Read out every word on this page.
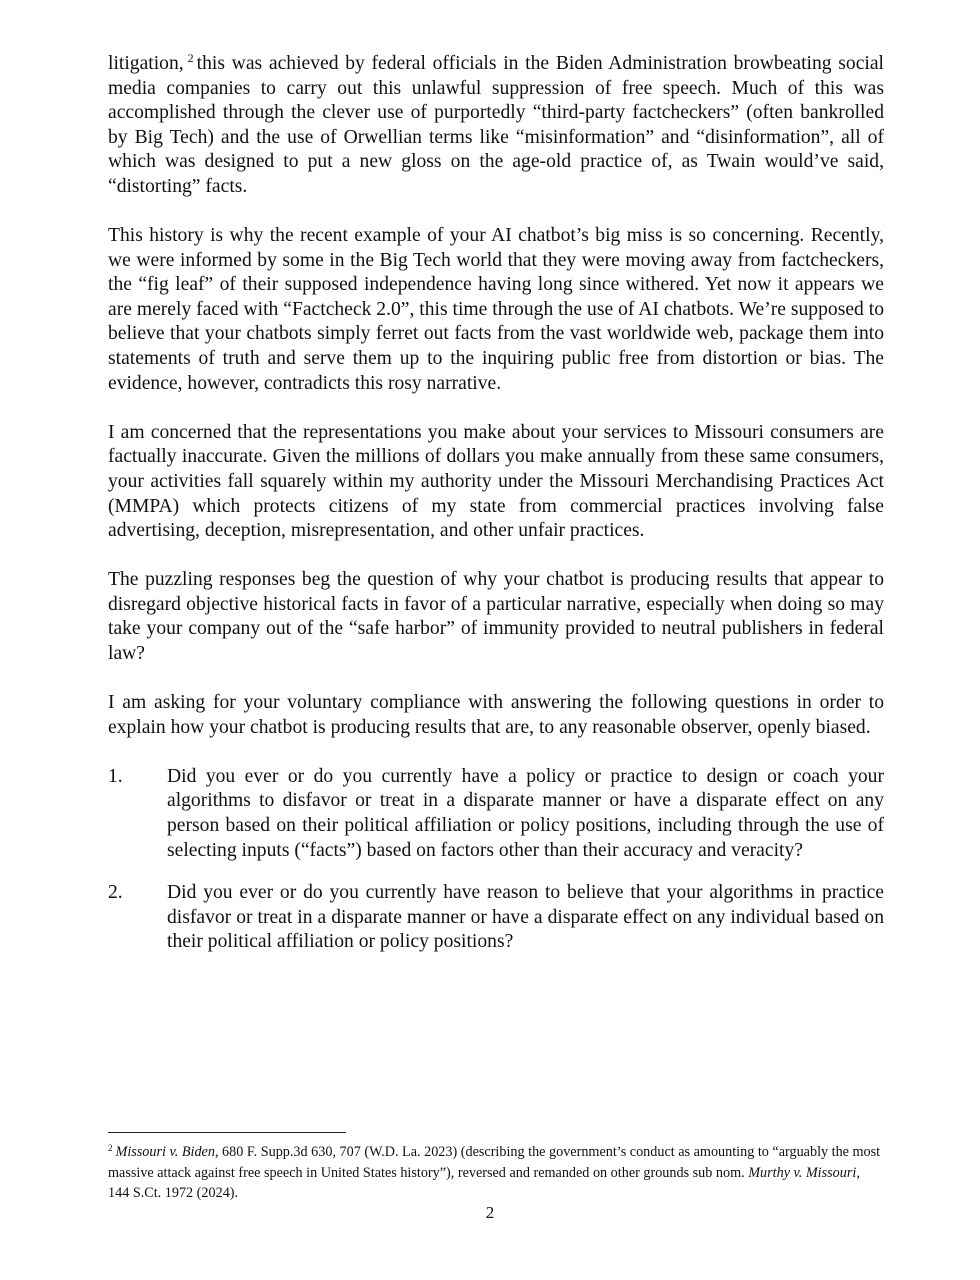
litigation, $^2$ this was achieved by federal officials in the Biden Administration browbeating social media companies to carry out this unlawful suppression of free speech. Much of this was accomplished through the clever use of purportedly “third-party factcheckers” (often bankrolled by Big Tech) and the use of Orwellian terms like “misinformation” and “disinformation”, all of which was designed to put a new gloss on the age-old practice of, as Twain would’ve said, “distorting” facts.

This history is why the recent example of your AI chatbot’s big miss is so concerning. Recently, we were informed by some in the Big Tech world that they were moving away from factcheckers, the “fig leaf” of their supposed independence having long since withered. Yet now it appears we are merely faced with “Factcheck 2.0”, this time through the use of AI chatbots. We’re supposed to believe that your chatbots simply ferret out facts from the vast worldwide web, package them into statements of truth and serve them up to the inquiring public free from distortion or bias. The evidence, however, contradicts this rosy narrative.

I am concerned that the representations you make about your services to Missouri consumers are factually inaccurate. Given the millions of dollars you make annually from these same consumers, your activities fall squarely within my authority under the Missouri Merchandising Practices Act (MMPA) which protects citizens of my state from commercial practices involving false advertising, deception, misrepresentation, and other unfair practices.

The puzzling responses beg the question of why your chatbot is producing results that appear to disregard objective historical facts in favor of a particular narrative, especially when doing so may take your company out of the “safe harbor” of immunity provided to neutral publishers in federal law?

I am asking for your voluntary compliance with answering the following questions in order to explain how your chatbot is producing results that are, to any reasonable observer, openly biased.

1. Did you ever or do you currently have a policy or practice to design or coach your algorithms to disfavor or treat in a disparate manner or have a disparate effect on any person based on their political affiliation or policy positions, including through the use of selecting inputs (“facts”) based on factors other than their accuracy and veracity?
2. Did you ever or do you currently have reason to believe that your algorithms in practice disfavor or treat in a disparate manner or have a disparate effect on any individual based on their political affiliation or policy positions?
$^2$ Missouri v. Biden, 680 F. Supp.3d 630, 707 (W.D. La. 2023) (describing the government’s conduct as amounting to “arguably the most massive attack against free speech in United States history”), reversed and remanded on other grounds sub nom. Murthy v. Missouri, 144 S.Ct. 1972 (2024).
2
